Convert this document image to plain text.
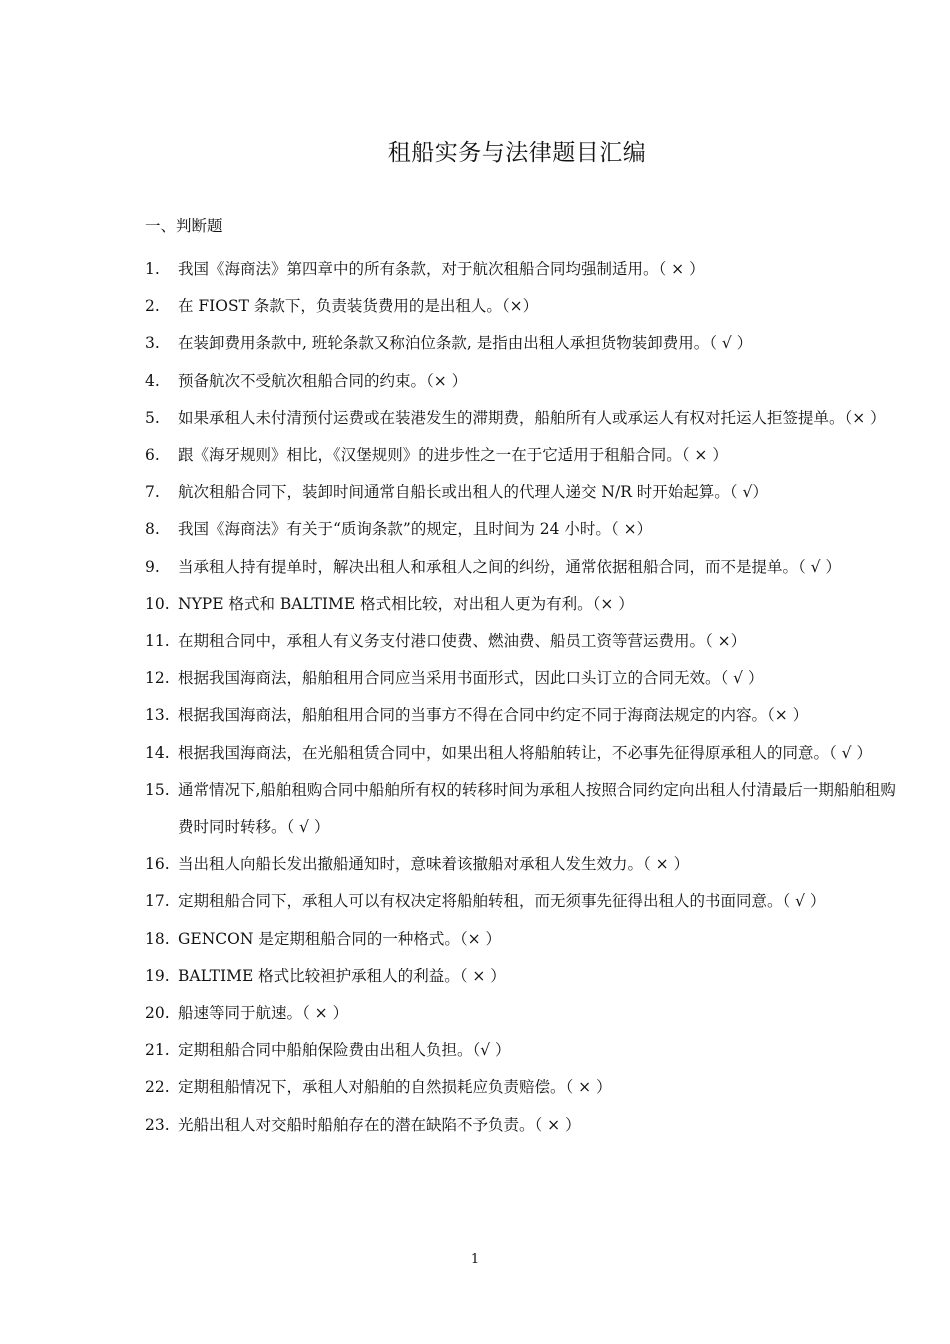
租船实务与法律题目汇编
一、判断题
1. 我国《海商法》第四章中的所有条款，对于航次租船合同均强制适用。（ × ）
2. 在 FIOST 条款下，负责装货费用的是出租人。（×）
3. 在装卸费用条款中, 班轮条款又称泊位条款, 是指由出租人承担货物装卸费用。（ √ ）
4. 预备航次不受航次租船合同的约束。（× ）
5. 如果承租人未付清预付运费或在装港发生的滞期费，船舶所有人或承运人有权对托运人拒签提单。（× ）
6. 跟《海牙规则》相比，《汉堡规则》的进步性之一在于它适用于租船合同。（ × ）
7. 航次租船合同下，装卸时间通常自船长或出租人的代理人递交 N/R 时开始起算。（ √）
8. 我国《海商法》有关于“质询条款”的规定，且时间为 24 小时。（ ×）
9. 当承租人持有提单时，解决出租人和承租人之间的纠纷，通常依据租船合同，而不是提单。（ √ ）
10. NYPE 格式和 BALTIME 格式相比较，对出租人更为有利。（× ）
11. 在期租合同中，承租人有义务支付港口使费、燃油费、船员工资等营运费用。（ ×）
12. 根据我国海商法，船舶租用合同应当采用书面形式，因此口头订立的合同无效。（ √ ）
13. 根据我国海商法，船舶租用合同的当事方不得在合同中约定不同于海商法规定的内容。（× ）
14. 根据我国海商法，在光船租赁合同中，如果出租人将船舶转让，不必事先征得原承租人的同意。（ √ ）
15. 通常情况下,船舶租购合同中船舶所有权的转移时间为承租人按照合同约定向出租人付清最后一期船舶租购费时同时转移。（ √ ）
16. 当出租人向船长发出撤船通知时，意味着该撤船对承租人发生效力。（ × ）
17. 定期租船合同下，承租人可以有权决定将船舶转租，而无须事先征得出租人的书面同意。（ √ ）
18. GENCON 是定期租船合同的一种格式。（× ）
19. BALTIME 格式比较袒护承租人的利益。（ × ）
20. 船速等同于航速。（ × ）
21. 定期租船合同中船舶保险费由出租人负担。（√ ）
22. 定期租船情况下，承租人对船舶的自然损耗应负责赔偿。（ × ）
23. 光船出租人对交船时船舶存在的潜在缺陷不予负责。（ × ）
1
